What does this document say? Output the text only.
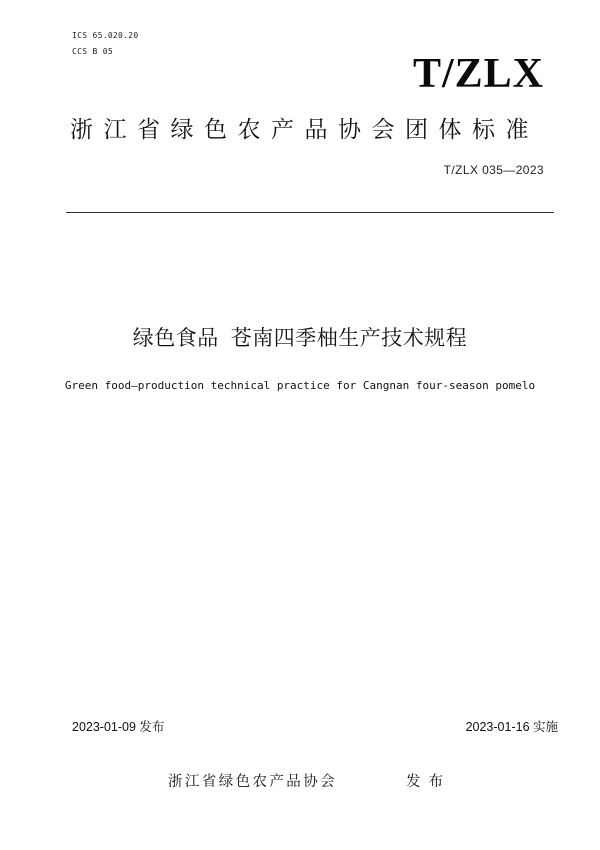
ICS 65.020.20
CCS B 05	T/ZLX
浙江省绿色农产品协会团体标准
T/ZLX 035—2023
绿色食品 苍南四季柚生产技术规程
Green food—production technical practice for Cangnan four-season pomelo
2023-01-09 发布	2023-01-16 实施
浙江省绿色农产品协会	发布
